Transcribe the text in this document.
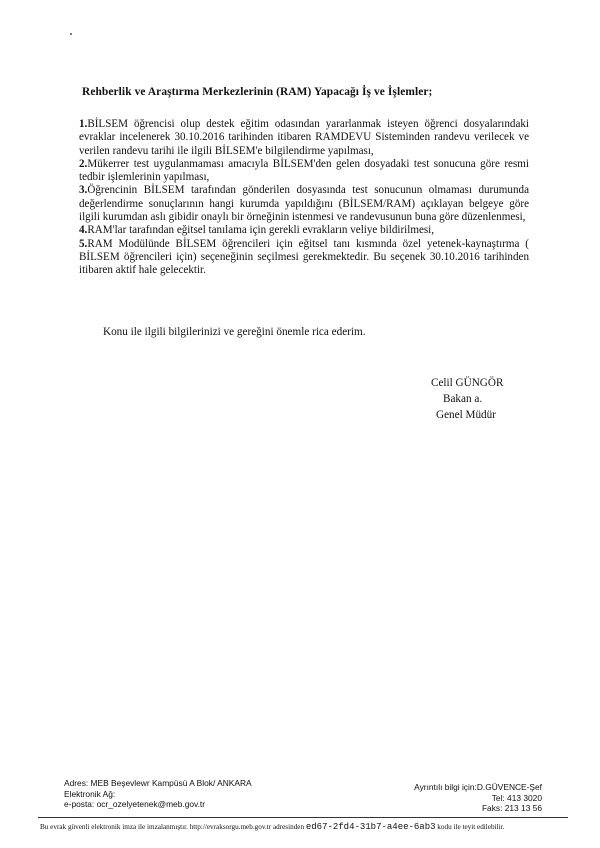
Rehberlik ve Araştırma Merkezlerinin (RAM) Yapacağı İş ve İşlemler;

1.BİLSEM öğrencisi olup destek eğitim odasından yararlanmak isteyen öğrenci dosyalarındaki evraklar incelenerek 30.10.2016 tarihinden itibaren RAMDEVU Sisteminden randevu verilecek ve verilen randevu tarihi ile ilgili BİLSEM'e bilgilendirme yapılması,

2.Mükerrer test uygulanmaması amacıyla BİLSEM'den gelen dosyadaki test sonucuna göre resmi tedbir işlemlerinin yapılması,

3.Öğrencinin BİLSEM tarafından gönderilen dosyasında test sonucunun olmaması durumunda değerlendirme sonuçlarının hangi kurumda yapıldığını (BİLSEM/RAM) açıklayan belgeye göre ilgili kurumdan aslı gibidir onaylı bir örneğinin istenmesi ve randevusunun buna göre düzenlenmesi,

4.RAM'lar tarafından eğitsel tanılama için gerekli evrakların veliye bildirilmesi,

5.RAM Modülünde BİLSEM öğrencileri için eğitsel tanı kısmında özel yetenek-kaynaştırma ( BİLSEM öğrencileri için) seçeneğinin seçilmesi gerekmektedir. Bu seçenek 30.10.2016 tarihinden itibaren aktif hale gelecektir.

Konu ile ilgili bilgilerinizi ve gereğini önemle rica ederim.
Celil GÜNGÖR
Bakan a.
Genel Müdür
Adres: MEB Beşevlewr Kampüsü A Blok/ ANKARA
Elektronik Ağ:
e-posta: ocr_ozelyetenek@meb.gov.tr
Ayrıntılı bilgi için:D.GÜVENCE-Şef
Tel: 413 3020
Faks: 213 13 56
Bu evrak güvenli elektronik imza ile imzalanmıştır. http://evraksorgu.meb.gov.tr adresinden ed67-2fd4-31b7-a4ee-6ab3 kodu ile teyit edilebilir.
